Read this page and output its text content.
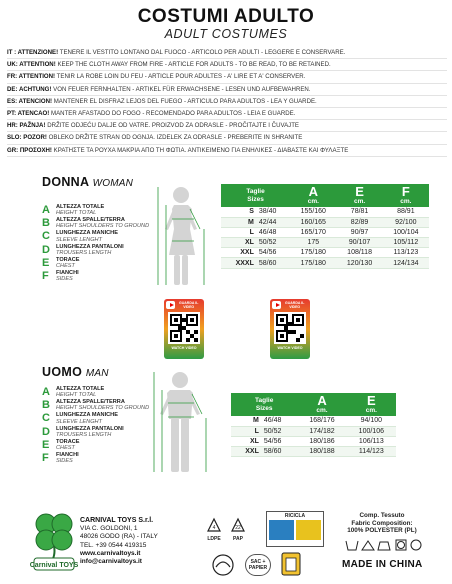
COSTUMI ADULTO
ADULT COSTUMES
IT : ATTENZIONE! TENERE IL VESTITO LONTANO DAL FUOCO - ARTICOLO PER ADULTI - LEGGERE E CONSERVARE.
UK: ATTENTION! KEEP THE CLOTH AWAY FROM FIRE - ARTICLE FOR ADULTS - TO BE READ, TO BE RETAINED.
FR: ATTENTION! TENIR LA ROBE LOIN DU FEU - ARTICLE POUR ADULTES - A' LIRE ET A' CONSERVER.
DE: ACHTUNG! VON FEUER FERNHALTEN - ARTIKEL FÜR ERWACHSENE - LESEN UND AUFBEWAHREN.
ES: ATENCION! MANTENER EL DISFRAZ LEJOS DEL FUEGO - ARTICULO PARA ADULTOS - LEA Y GUARDE.
PT: ATENCAO! MANTER AFASTADO DO FOGO - RECOMENDADO PARA ADULTOS - LEIA E GUARDE.
HR: PAŽNJA! DRŽITE ODJEĆU DALJE OD VATRE. PROIZVOD ZA ODRASLE - PROČITAJTE I ČUVAJTE
SLO: POZOR! OBLEKO DRŽITE STRAN OD OGNJA. IZDELEK ZA ODRASLE - PREBERITE IN SHRANITE
GR: ΠΡΟΣΟΧΗ! ΚΡΑΤΗΣΤΕ ΤΑ ΡΟΥΧΑ ΜΑΚΡΙΑ ΑΠΟ ΤΗ ΦΩΤΙΑ. ΑΝΤΙΚΕΙΜΕΝΟ ΓΙΑ ΕΝΗΛΙΚΕΣ - ΔΙΑΒΑΣΤΕ ΚΑΙ ΦΥΛΑΞΤΕ
DONNA WOMAN
A	ALTEZZA TOTALE
HEIGHT TOTAL
B	ALTEZZA SPALLE/TERRA
HEIGHT SHOULDERS TO GROUND
C	LUNGHEZZA MANICHE
SLEEVE LENGHT
D	LUNGHEZZA PANTALONI
TROUSERS LENGTH
E	TORACE
CHEST
F	FIANCHI
SIDES
Taglie
Sizes		A
cm.	E
cm.	F
cm.

S	38/40	155/160	78/81	88/91
M	42/44	160/165	82/89	92/100
L	46/48	165/170	90/97	100/104
XL	50/52	175	90/107	105/112
XXL	54/56	175/180	108/118	113/123
XXXL	58/60	175/180	120/130	124/134
GUARDA IL VIDEO
WATCH VIDEO
GUARDA IL VIDEO
WATCH VIDEO
UOMO MAN
A	ALTEZZA TOTALE
HEIGHT TOTAL
B	ALTEZZA SPALLE/TERRA
HEIGHT SHOULDERS TO GROUND
C	LUNGHEZZA MANICHE
SLEEVE LENGHT
D	LUNGHEZZA PANTALONI
TROUSERS LENGTH
E	TORACE
CHEST
F	FIANCHI
SIDES
Taglie
Sizes		A
cm.	E
cm.

M	46/48	168/176	94/100
L	50/52	174/182	100/106
XL	54/56	180/186	106/113
XXL	58/60	180/188	114/123
Carnival TOYS
CARNIVAL TOYS S.r.l.
VIA C. GOLDONI, 1
48026 GODO (RA) - ITALY
TEL. +39 0544 419315
www.carnivaltoys.it
info@carnivaltoys.it
4	22
LDPE PAP
RICICLA
SAC + PAPIER
Comp. Tessuto
Fabric Composition:
100% POLYESTER (PL)
MADE IN CHINA
